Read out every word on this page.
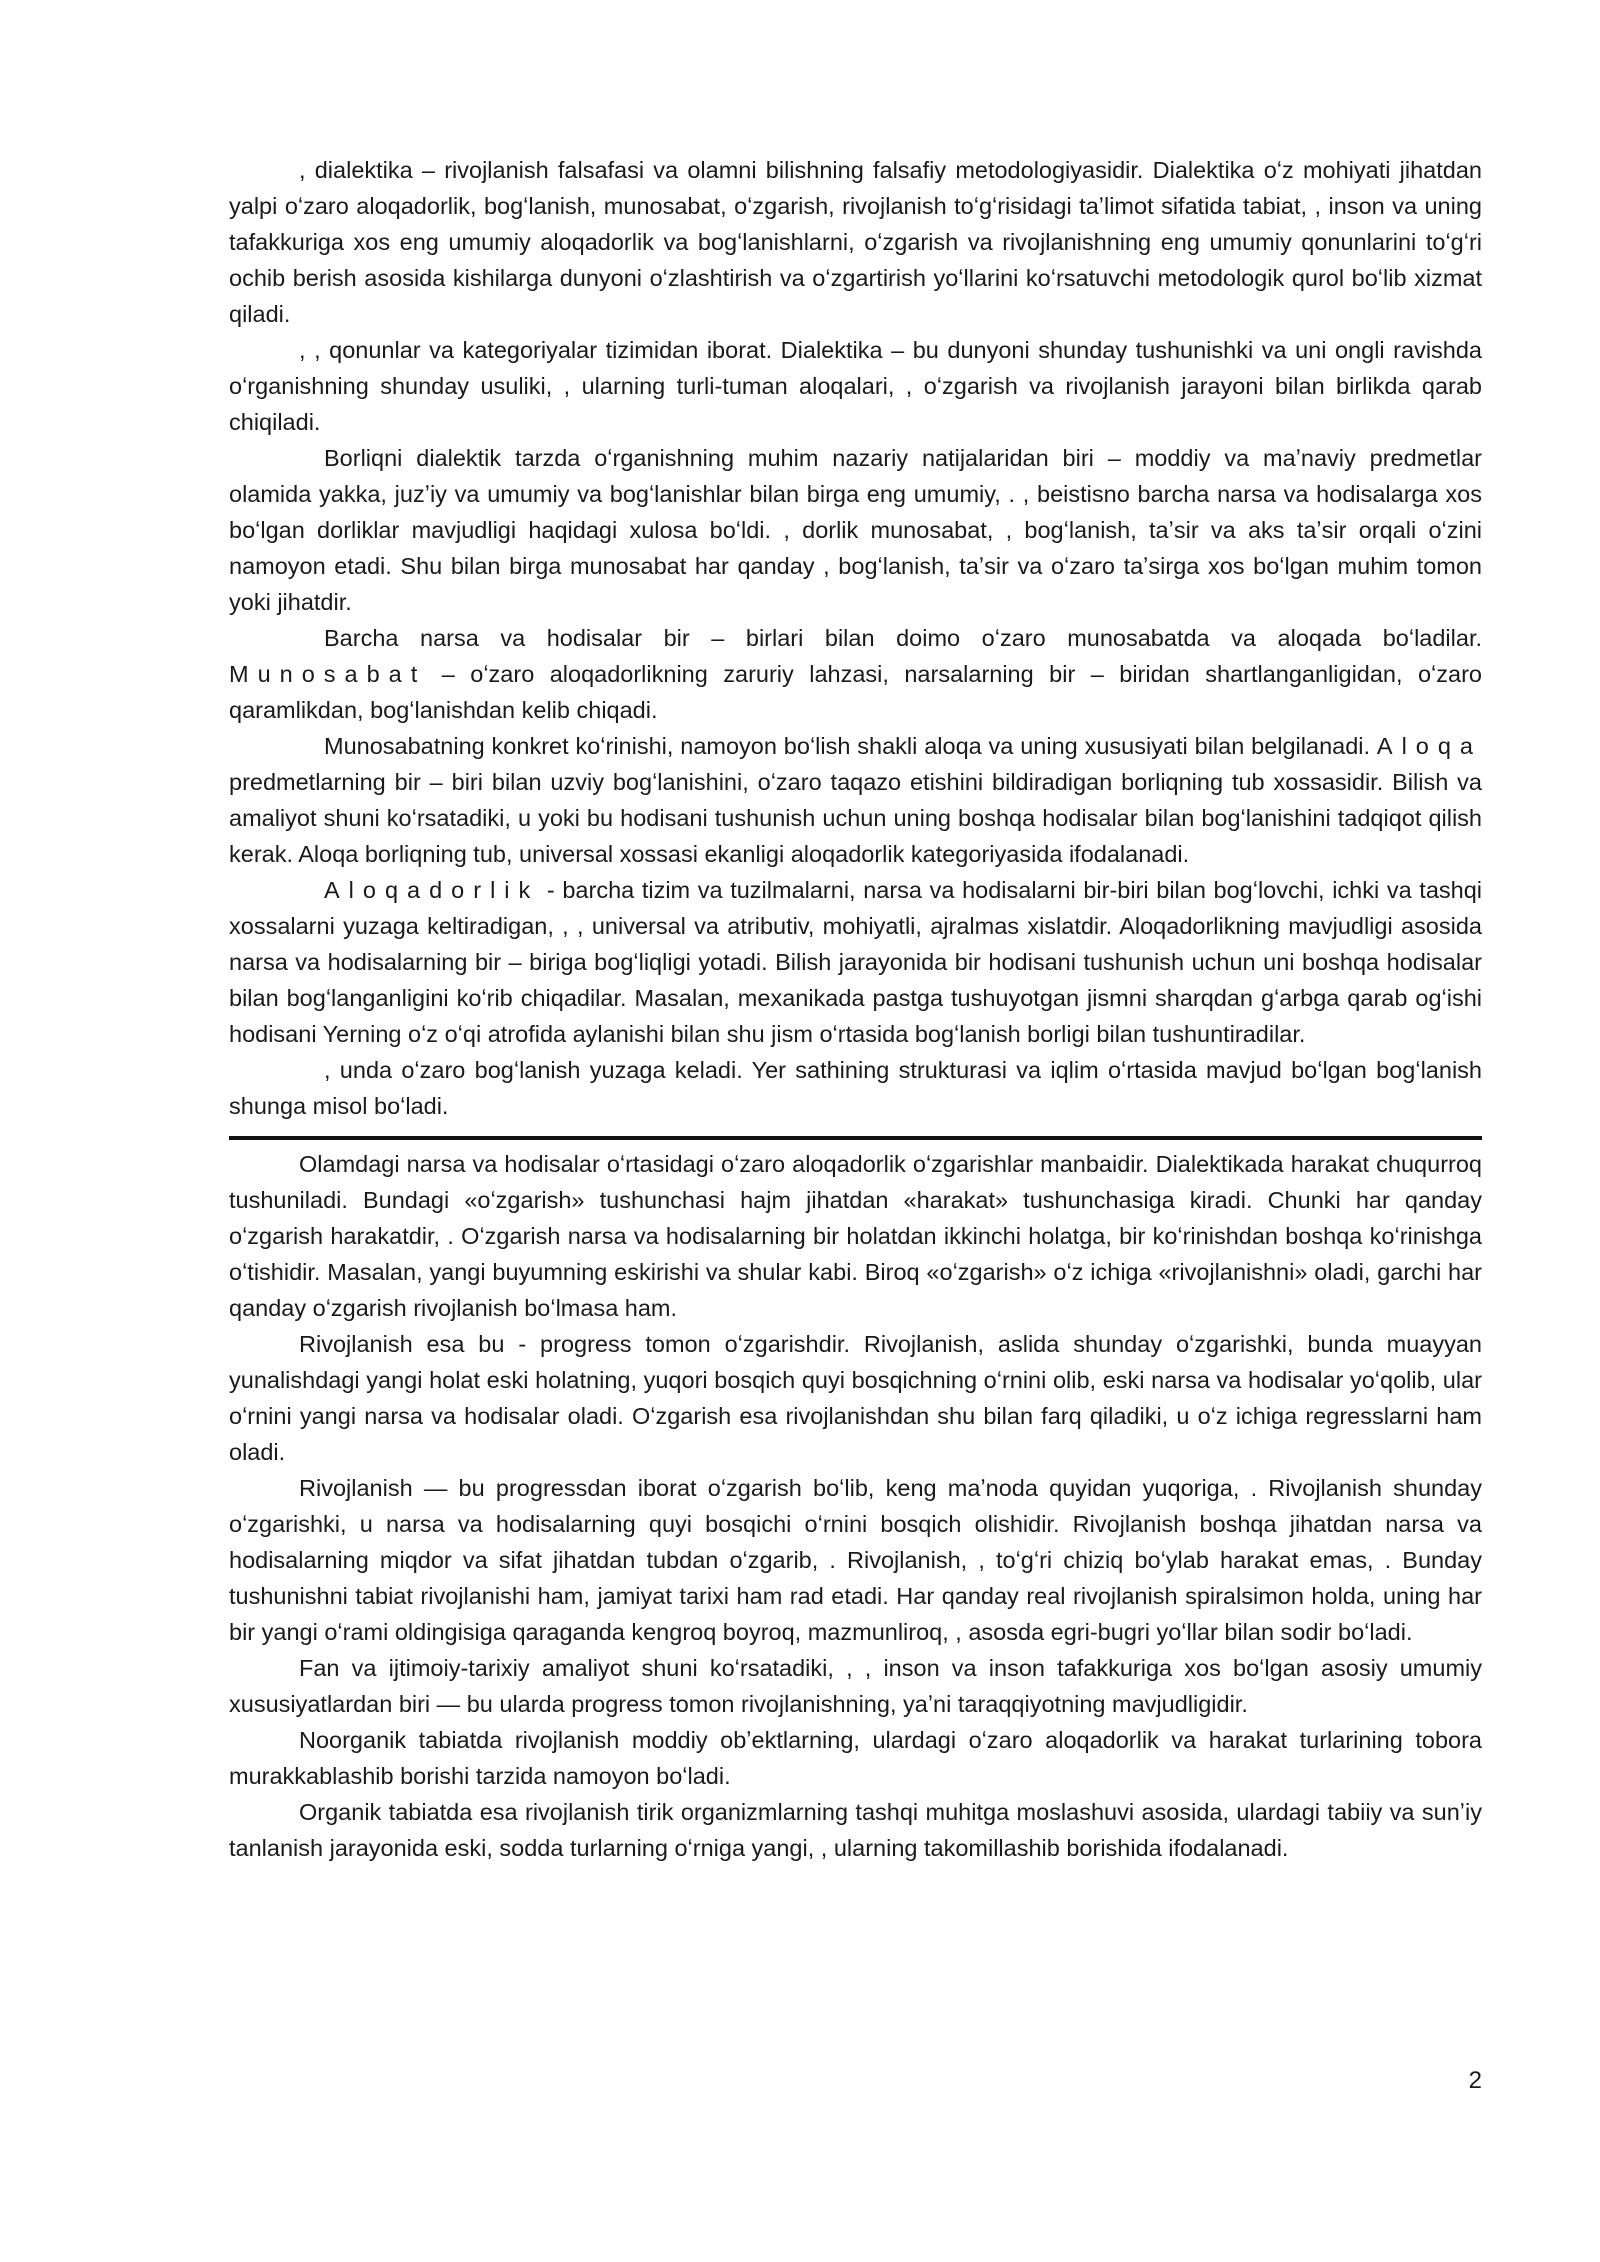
, dialektika – rivojlanish falsafasi va olamni bilishning falsafiy metodologiyasidir. Dialektika oʻz mohiyati jihatdan yalpi oʻzaro aloqadorlik, bogʻlanish, munosabat, oʻzgarish, rivojlanish toʻgʻrisidagi taʼlimot sifatida tabiat, , inson va uning tafakkuriga xos eng umumiy aloqadorlik va bogʻlanishlarni, oʻzgarish va rivojlanishning eng umumiy qonunlarini toʻgʻri ochib berish asosida kishilarga dunyoni oʻzlashtirish va oʻzgartirish yoʻllarini koʻrsatuvchi metodologik qurol boʻlib xizmat qiladi.

, , qonunlar va kategoriyalar tizimidan iborat. Dialektika – bu dunyoni shunday tushunishki va uni ongli ravishda oʻrganishning shunday usuliki, , ularning turli-tuman aloqalari, , oʻzgarish va rivojlanish jarayoni bilan birlikda qarab chiqiladi.

Borliqni dialektik tarzda oʻrganishning muhim nazariy natijalaridan biri – moddiy va maʼnaviy predmetlar olamida yakka, juzʼiy va umumiy va bogʻlanishlar bilan birga eng umumiy, . , beistisno barcha narsa va hodisalarga xos boʻlgan dorliklar mavjudligi haqidagi xulosa boʻldi. , dorlik munosabat, , bogʻlanish, taʼsir va aks taʼsir orqali oʻzini namoyon etadi. Shu bilan birga munosabat har qanday , bogʻlanish, taʼsir va oʻzaro taʼsirga xos boʻlgan muhim tomon yoki jihatdir.

Barcha narsa va hodisalar bir – birlari bilan doimo oʻzaro munosabatda va aloqada boʻladilar. Munosabat – oʻzaro aloqadorlikning zaruriy lahzasi, narsalarning bir – biridan shartlanganligidan, oʻzaro qaramlikdan, bogʻlanishdan kelib chiqadi.

Munosabatning konkret koʻrinishi, namoyon boʻlish shakli aloqa va uning xususiyati bilan belgilanadi. Aloqa predmetlarning bir – biri bilan uzviy bogʻlanishini, oʻzaro taqazo etishini bildiradigan borliqning tub xossasidir. Bilish va amaliyot shuni koʻrsatadiki, u yoki bu hodisani tushunish uchun uning boshqa hodisalar bilan bogʻlanishini tadqiqot qilish kerak. Aloqa borliqning tub, universal xossasi ekanligi aloqadorlik kategoriyasida ifodalanadi.

Aloqadorlik - barcha tizim va tuzilmalarni, narsa va hodisalarni bir-biri bilan bogʻlovchi, ichki va tashqi xossalarni yuzaga keltiradigan, , , universal va atributiv, mohiyatli, ajralmas xislatdir. Aloqadorlikning mavjudligi asosida narsa va hodisalarning bir – biriga bogʻliqligi yotadi. Bilish jarayonida bir hodisani tushunish uchun uni boshqa hodisalar bilan bogʻlanganligini koʻrib chiqadilar. Masalan, mexanikada pastga tushuyotgan jismni sharqdan gʻarbga qarab ogʻishi hodisani Yerning oʻz oʻqi atrofida aylanishi bilan shu jism oʻrtasida bogʻlanish borligi bilan tushuntiradilar.

, unda oʻzaro bogʻlanish yuzaga keladi. Yer sathining strukturasi va iqlim oʻrtasida mavjud boʻlgan bogʻlanish shunga misol boʻladi.

Olamdagi narsa va hodisalar oʻrtasidagi oʻzaro aloqadorlik oʻzgarishlar manbaidir. Dialektikada harakat chuqurroq tushuniladi. Bundagi «oʻzgarish» tushunchasi hajm jihatdan «harakat» tushunchasiga kiradi. Chunki har qanday oʻzgarish harakatdir, . Oʻzgarish narsa va hodisalarning bir holatdan ikkinchi holatga, bir koʻrinishdan boshqa koʻrinishga oʻtishidir. Masalan, yangi buyumning eskirishi va shular kabi. Biroq «oʻzgarish» oʻz ichiga «rivojlanishni» oladi, garchi har qanday oʻzgarish rivojlanish boʻlmasa ham.

Rivojlanish esa bu - progress tomon oʻzgarishdir. Rivojlanish, aslida shunday oʻzgarishki, bunda muayyan yunalishdagi yangi holat eski holatning, yuqori bosqich quyi bosqichning oʻrnini olib, eski narsa va hodisalar yoʻqolib, ular oʻrnini yangi narsa va hodisalar oladi. Oʻzgarish esa rivojlanishdan shu bilan farq qiladiki, u oʻz ichiga regresslarni ham oladi.

Rivojlanish — bu progressdan iborat oʻzgarish boʻlib, keng maʼnoda quyidan yuqoriga, . Rivojlanish shunday oʻzgarishki, u narsa va hodisalarning quyi bosqichi oʻrnini bosqich olishidir. Rivojlanish boshqa jihatdan narsa va hodisalarning miqdor va sifat jihatdan tubdan oʻzgarib, . Rivojlanish, , toʻgʻri chiziq boʻylab harakat emas, . Bunday tushunishni tabiat rivojlanishi ham, jamiyat tarixi ham rad etadi. Har qanday real rivojlanish spiralsimon holda, uning har bir yangi oʻrami oldingisiga qaraganda kengroq boyroq, mazmunliroq, , asosda egri-bugri yoʻllar bilan sodir boʻladi.

Fan va ijtimoiy-tarixiy amaliyot shuni koʻrsatadiki, , , inson va inson tafakkuriga xos boʻlgan asosiy umumiy xususiyatlardan biri — bu ularda progress tomon rivojlanishning, yaʼni taraqqiyotning mavjudligidir.

Noorganik tabiatda rivojlanish moddiy obʼektlarning, ulardagi oʻzaro aloqadorlik va harakat turlarining tobora murakkablashib borishi tarzida namoyon boʻladi.

Organik tabiatda esa rivojlanish tirik organizmlarning tashqi muhitga moslashuvi asosida, ulardagi tabiiy va sunʼiy tanlanish jarayonida eski, sodda turlarning oʻrniga yangi, , ularning takomillashib borishida ifodalanadi.

2
